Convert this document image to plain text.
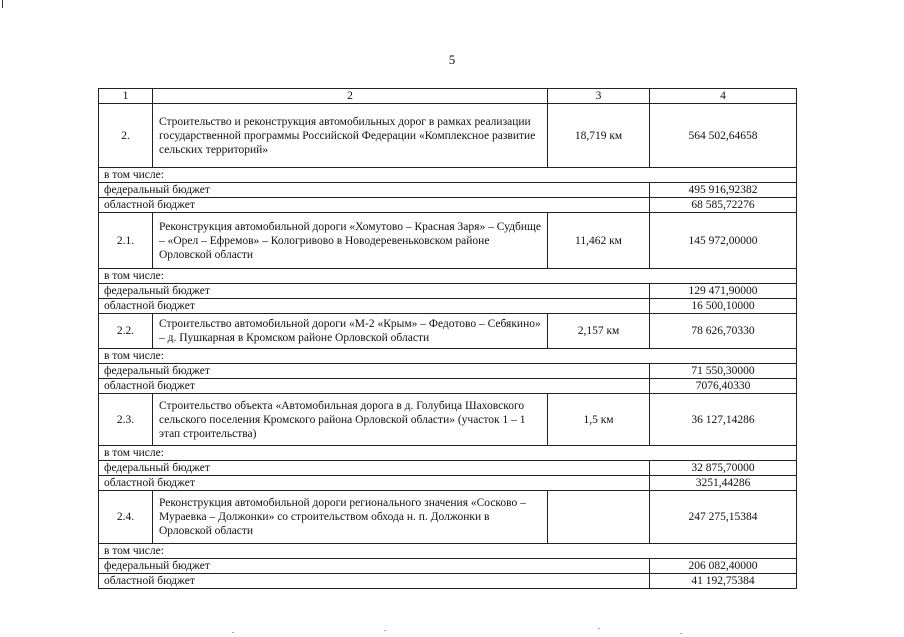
5
1	2	3	4
2.	Строительство и реконструкция автомобильных дорог в рамках реализации государственной программы Российской Федерации «Комплексное развитие сельских территорий»	18,719 км	564 502,64658
в том числе:			
федеральный бюджет			495 916,92382
областной бюджет			68 585,72276
2.1.	Реконструкция автомобильной дороги «Хомутово – Красная Заря» – Судбище – «Орел – Ефремов» – Кологривово в Новодеревеньковском районе Орловской области	11,462 км	145 972,00000
в том числе:			
федеральный бюджет			129 471,90000
областной бюджет			16 500,10000
2.2.	Строительство автомобильной дороги «М-2 «Крым» – Федотово – Себякино» – д. Пушкарная в Кромском районе Орловской области	2,157 км	78 626,70330
в том числе:			
федеральный бюджет			71 550,30000
областной бюджет			7076,40330
2.3.	Строительство объекта «Автомобильная дорога в д. Голубица Шаховского сельского поселения Кромского района Орловской области» (участок 1 – 1 этап строительства)	1,5 км	36 127,14286
в том числе:			
федеральный бюджет			32 875,70000
областной бюджет			3251,44286
2.4.	Реконструкция автомобильной дороги регионального значения «Сосково – Мураевка – Должонки» со строительством обхода н. п. Должонки в Орловской области		247 275,15384
в том числе:			
федеральный бюджет			206 082,40000
областной бюджет			41 192,75384
